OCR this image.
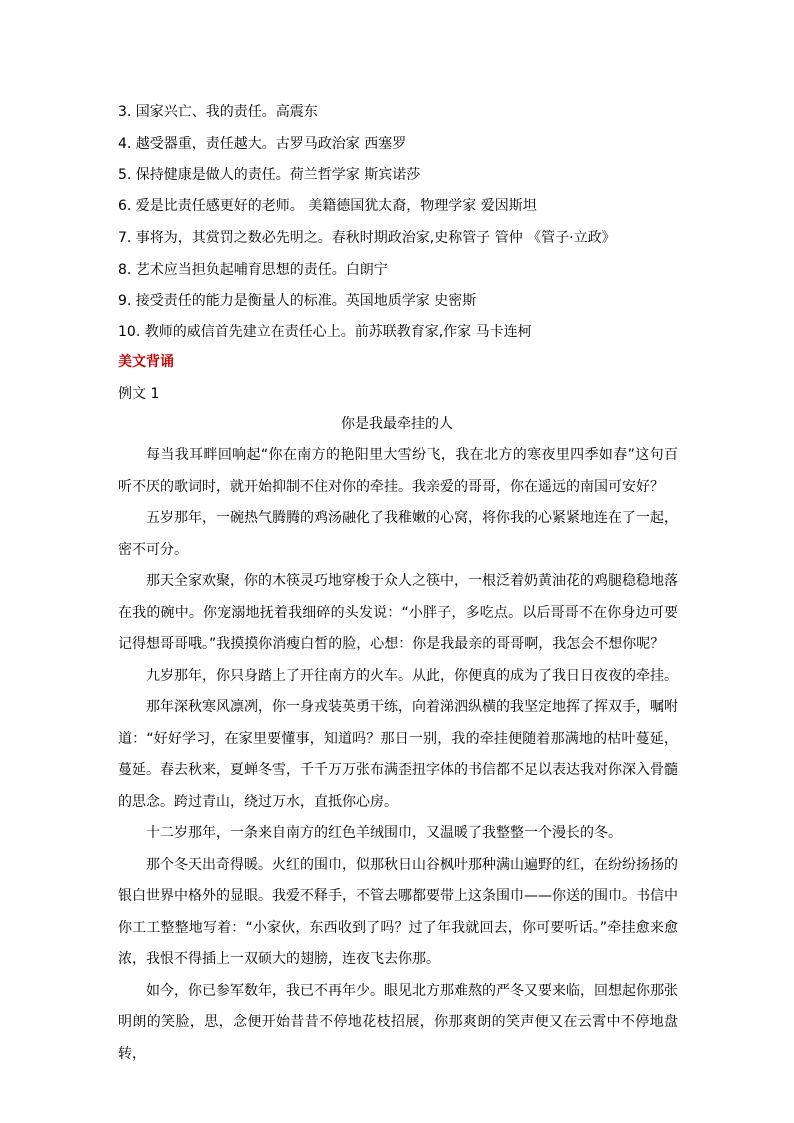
3. 国家兴亡、我的责任。高震东
4. 越受器重，责任越大。古罗马政治家 西塞罗
5. 保持健康是做人的责任。荷兰哲学家 斯宾诺莎
6. 爱是比责任感更好的老师。 美籍德国犹太裔，物理学家 爱因斯坦
7. 事将为，其赏罚之数必先明之。春秋时期政治家,史称管子 管仲 《管子·立政》
8. 艺术应当担负起哺育思想的责任。白朗宁
9. 接受责任的能力是衡量人的标准。英国地质学家 史密斯
10. 教师的威信首先建立在责任心上。前苏联教育家,作家 马卡连柯
美文背诵
例文 1
你是我最牵挂的人

每当我耳畔回响起“你在南方的艳阳里大雪纷飞，我在北方的寒夜里四季如春”这句百听不厌的歌词时，就开始抑制不住对你的牵挂。我亲爱的哥哥，你在遥远的南国可安好？

五岁那年，一碗热气腾腾的鸡汤融化了我稚嫩的心窝，将你我的心紧紧地连在了一起，密不可分。

那天全家欢聚，你的木筷灵巧地穿梭于众人之筷中，一根泛着奶黄油花的鸡腿稳稳地落在我的碗中。你宠溺地抚着我细碎的头发说：“小胖子，多吃点。以后哥哥不在你身边可要记得想哥哥哦。”我摸摸你消瘦白皙的脸，心想：你是我最亲的哥哥啊，我怎会不想你呢？

九岁那年，你只身踏上了开往南方的火车。从此，你便真的成为了我日日夜夜的牵挂。

那年深秋寒风凛冽，你一身戎装英勇干练，向着涕泗纵横的我坚定地挥了挥双手，嘱咐道：“好好学习，在家里要懂事，知道吗？那日一别，我的牵挂便随着那满地的枯叶蔓延，蔓延。春去秋来，夏蝉冬雪，千千万万张布满歪扭字体的书信都不足以表达我对你深入骨髓的思念。跨过青山，绕过万水，直抵你心房。

十二岁那年，一条来自南方的红色羊绒围巾，又温暖了我整整一个漫长的冬。

那个冬天出奇得暖。火红的围巾，似那秋日山谷枫叶那种满山遍野的红，在纷纷扬扬的银白世界中格外的显眼。我爱不释手，不管去哪都要带上这条围巾——你送的围巾。书信中你工工整整地写着：“小家伙，东西收到了吗？过了年我就回去，你可要听话。”牵挂愈来愈浓，我恨不得插上一双硕大的翅膀，连夜飞去你那。

如今，你已参军数年，我已不再年少。眼见北方那难熬的严冬又要来临，回想起你那张明朗的笑脸，思，念便开始昔昔不停地花枝招展，你那爽朗的笑声便又在云霄中不停地盘转，
